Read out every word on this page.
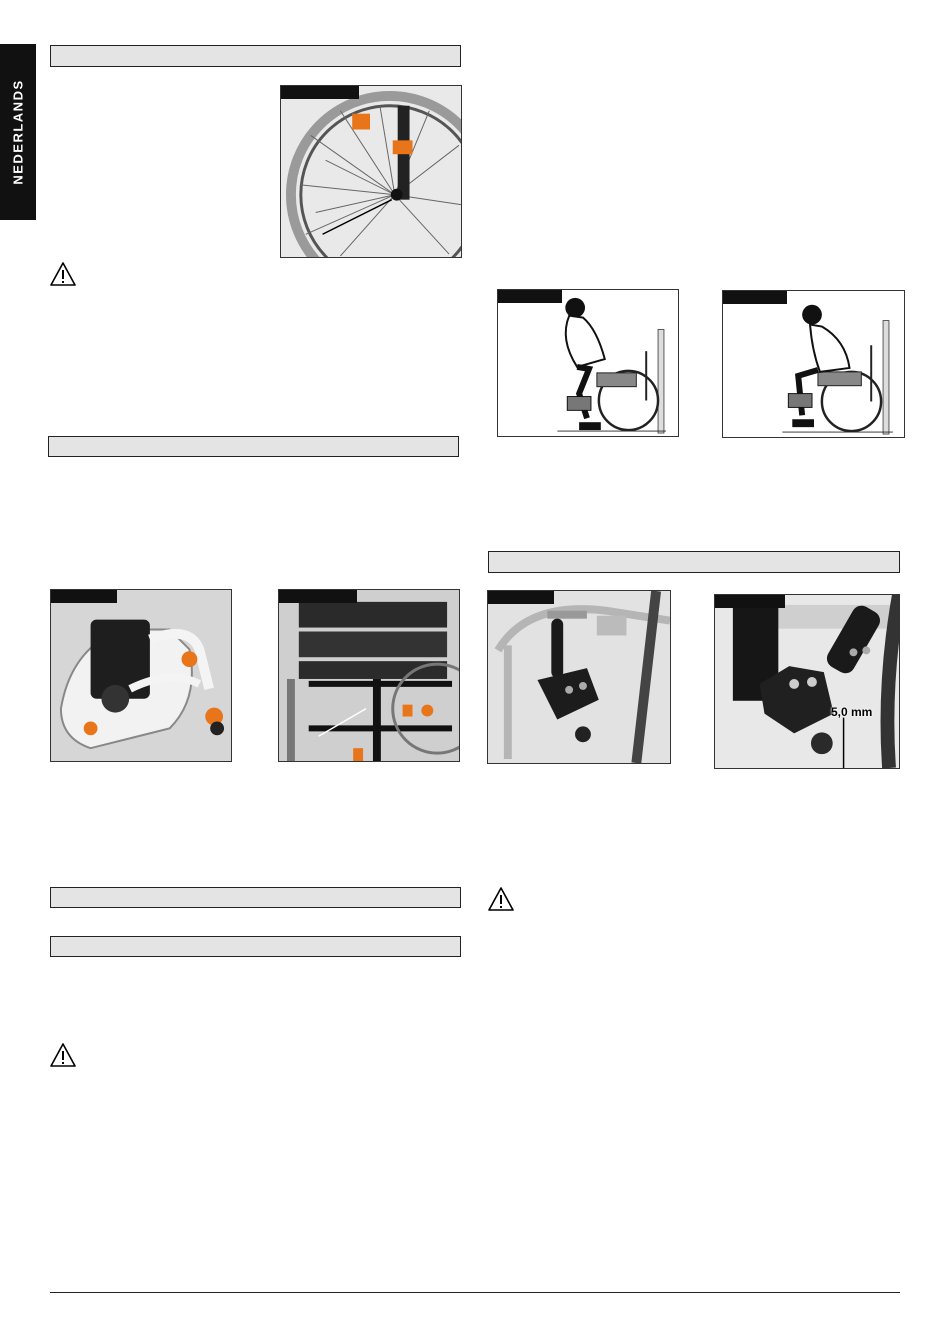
NEDERLANDS
5,0 mm
